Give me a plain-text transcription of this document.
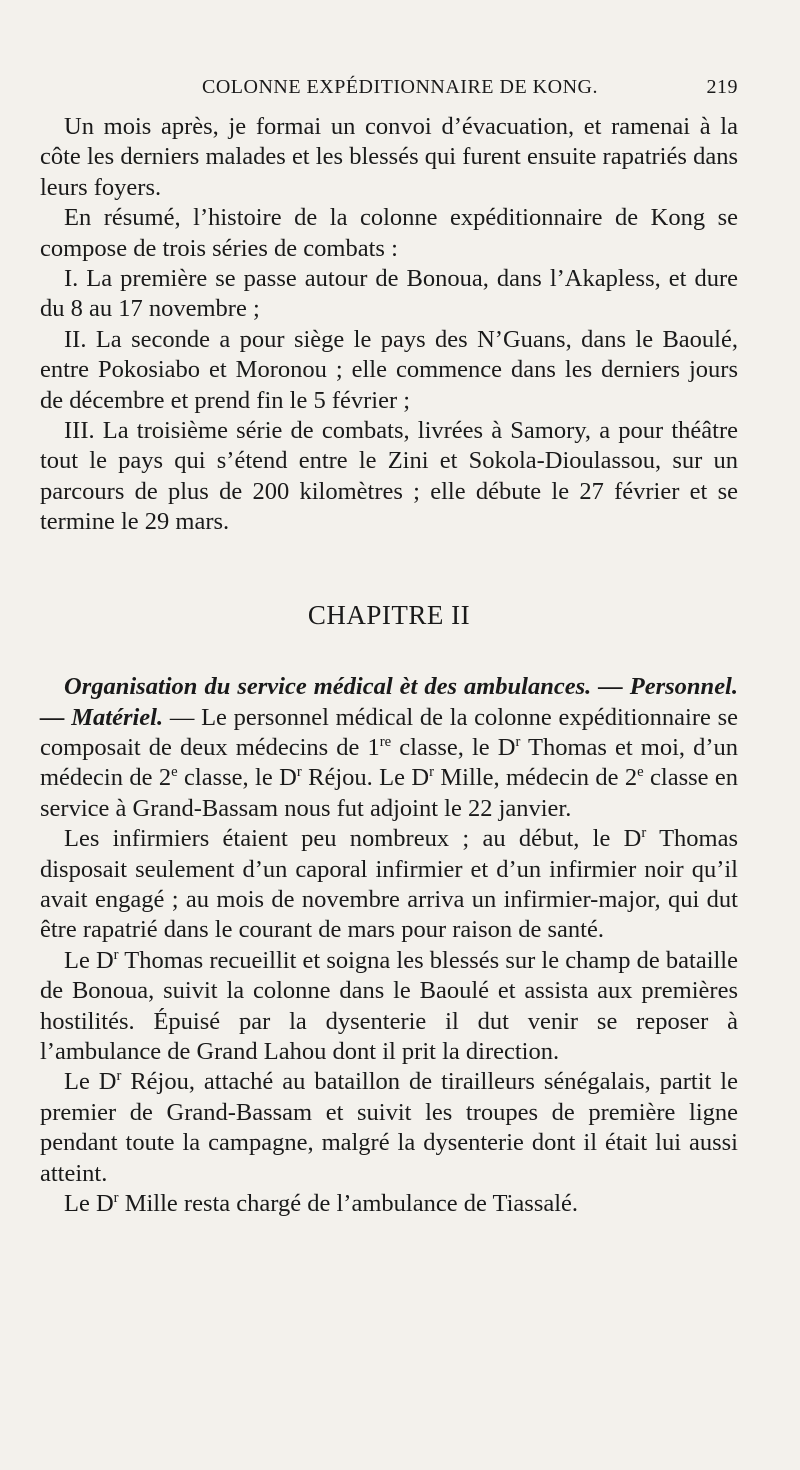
COLONNE EXPÉDITIONNAIRE DE KONG.	219

Un mois après, je formai un convoi d’évacuation, et ramenai à la côte les derniers malades et les blessés qui furent ensuite rapatriés dans leurs foyers.

En résumé, l’histoire de la colonne expéditionnaire de Kong se compose de trois séries de combats :

I. La première se passe autour de Bonoua, dans l’Akapless, et dure du 8 au 17 novembre ;

II. La seconde a pour siège le pays des N’Guans, dans le Baoulé, entre Pokosiabo et Moronou ; elle commence dans les derniers jours de décembre et prend fin le 5 février ;

III. La troisième série de combats, livrées à Samory, a pour théâtre tout le pays qui s’étend entre le Zini et Sokola-Dioulassou, sur un parcours de plus de 200 kilomètres ; elle débute le 27 février et se termine le 29 mars.

CHAPITRE II

Organisation du service médical èt des ambulances. — Personnel. — Matériel. — Le personnel médical de la colonne expéditionnaire se composait de deux médecins de 1re classe, le $D^r$ Thomas et moi, d’un médecin de 2e classe, le $D^r$ Réjou. Le $D^r$ Mille, médecin de 2e classe en service à Grand-Bassam nous fut adjoint le 22 janvier.

Les infirmiers étaient peu nombreux ; au début, le $D^r$ Thomas disposait seulement d’un caporal infirmier et d’un infirmier noir qu’il avait engagé ; au mois de novembre arriva un infirmier-major, qui dut être rapatrié dans le courant de mars pour raison de santé.

Le $D^r$ Thomas recueillit et soigna les blessés sur le champ de bataille de Bonoua, suivit la colonne dans le Baoulé et assista aux premières hostilités. Épuisé par la dysenterie il dut venir se reposer à l’ambulance de Grand Lahou dont il prit la direction.

Le $D^r$ Réjou, attaché au bataillon de tirailleurs sénégalais, partit le premier de Grand-Bassam et suivit les troupes de première ligne pendant toute la campagne, malgré la dysenterie dont il était lui aussi atteint.

Le $D^r$ Mille resta chargé de l’ambulance de Tiassalé.
